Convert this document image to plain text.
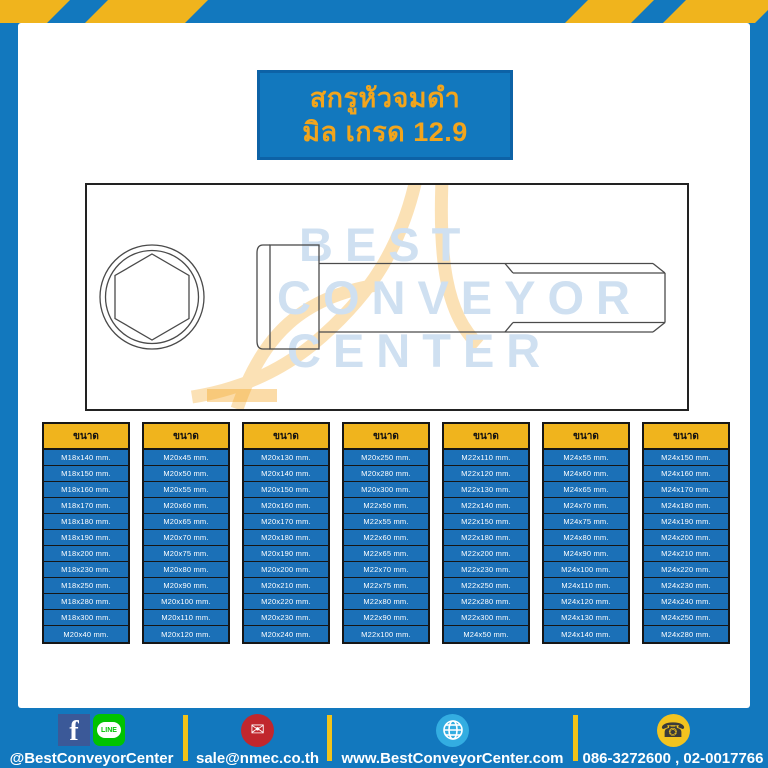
สกรูหัวจมดำ
มิล เกรด 12.9
BEST
CONVEYOR
CENTER
ขนาด
M18x140 mm.
M18x150 mm.
M18x160 mm.
M18x170 mm.
M18x180 mm.
M18x190 mm.
M18x200 mm.
M18x230 mm.
M18x250 mm.
M18x280 mm.
M18x300 mm.
M20x40 mm.
ขนาด
M20x45 mm.
M20x50 mm.
M20x55 mm.
M20x60 mm.
M20x65 mm.
M20x70 mm.
M20x75 mm.
M20x80 mm.
M20x90 mm.
M20x100 mm.
M20x110 mm.
M20x120 mm.
ขนาด
M20x130 mm.
M20x140 mm.
M20x150 mm.
M20x160 mm.
M20x170 mm.
M20x180 mm.
M20x190 mm.
M20x200 mm.
M20x210 mm.
M20x220 mm.
M20x230 mm.
M20x240 mm.
ขนาด
M20x250 mm.
M20x280 mm.
M20x300 mm.
M22x50 mm.
M22x55 mm.
M22x60 mm.
M22x65 mm.
M22x70 mm.
M22x75 mm.
M22x80 mm.
M22x90 mm.
M22x100 mm.
ขนาด
M22x110 mm.
M22x120 mm.
M22x130 mm.
M22x140 mm.
M22x150 mm.
M22x180 mm.
M22x200 mm.
M22x230 mm.
M22x250 mm.
M22x280 mm.
M22x300 mm.
M24x50 mm.
ขนาด
M24x55 mm.
M24x60 mm.
M24x65 mm.
M24x70 mm.
M24x75 mm.
M24x80 mm.
M24x90 mm.
M24x100 mm.
M24x110 mm.
M24x120 mm.
M24x130 mm.
M24x140 mm.
ขนาด
M24x150 mm.
M24x160 mm.
M24x170 mm.
M24x180 mm.
M24x190 mm.
M24x200 mm.
M24x210 mm.
M24x220 mm.
M24x230 mm.
M24x240 mm.
M24x250 mm.
M24x280 mm.
f	LINE
@BestConveyorCenter
✉
sale@nmec.co.th www.BestConveyorCenter.com
☎
086-3272600 , 02-0017766
